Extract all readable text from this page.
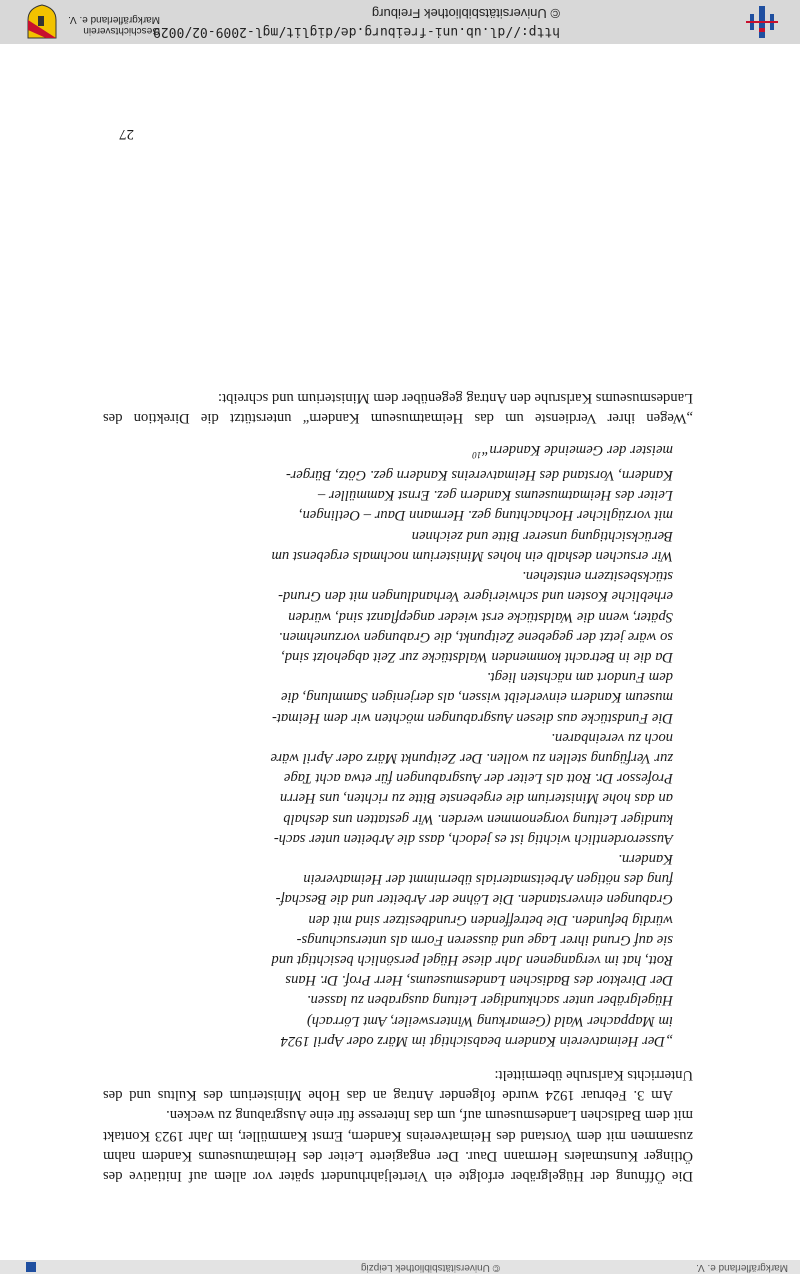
Markgräflerland e. V.
© Universitätsbibliothek Leipzig

Die Öffnung der Hügelgräber erfolgte ein Vierteljahrhundert später vor allem auf Initiative des Ötlinger Kunstmalers Hermann Daur. Der engagierte Leiter des Heimatmuseums Kandern nahm zusammen mit dem Vorstand des Heimatvereins Kandern, Ernst Kammüller, im Jahr 1923 Kontakt mit dem Badischen Landesmuseum auf, um das Interesse für eine Ausgrabung zu wecken.

Am 3. Februar 1924 wurde folgender Antrag an das Hohe Ministerium des Kultus und des Unterrichts Karlsruhe übermittelt:

„Der Heimatverein Kandern beabsichtigt im März oder April 1924
im Mappacher Wald (Gemarkung Wintersweiler, Amt Lörrach)
Hügelgräber unter sachkundiger Leitung ausgraben zu lassen.
Der Direktor des Badischen Landesmuseums, Herr Prof. Dr. Hans
Rott, hat im vergangenen Jahr diese Hügel persönlich besichtigt und
sie auf Grund ihrer Lage und äusseren Form als untersuchungs-
würdig befunden. Die betreffenden Grundbesitzer sind mit den
Grabungen einverstanden. Die Löhne der Arbeiter und die Beschaf-
fung des nötigen Arbeitsmaterials übernimmt der Heimatverein
Kandern.
Ausserordentlich wichtig ist es jedoch, dass die Arbeiten unter sach-
kundiger Leitung vorgenommen werden. Wir gestatten uns deshalb
an das hohe Ministerium die ergebenste Bitte zu richten, uns Herrn
Professor Dr. Rott als Leiter der Ausgrabungen für etwa acht Tage
zur Verfügung stellen zu wollen. Der Zeitpunkt März oder April wäre
noch zu vereinbaren.
Die Fundstücke aus diesen Ausgrabungen möchten wir dem Heimat-
museum Kandern einverleibt wissen, als derjenigen Sammlung, die
dem Fundort am nächsten liegt.
Da die in Betracht kommenden Waldstücke zur Zeit abgeholzt sind,
so wäre jetzt der gegebene Zeitpunkt, die Grabungen vorzunehmen.
Später, wenn die Waldstücke erst wieder angepflanzt sind, würden
erhebliche Kosten und schwierigere Verhandlungen mit den Grund-
stücksbesitzern entstehen.
Wir ersuchen deshalb ein hohes Ministerium nochmals ergebenst um
Berücksichtigung unserer Bitte und zeichnen
mit vorzüglicher Hochachtung gez. Hermann Daur – Oetlingen,
Leiter des Heimatmuseums Kandern gez. Ernst Kammüller –
Kandern, Vorstand des Heimatvereins Kandern gez. Götz, Bürger-
meister der Gemeinde Kandern“$^{10}$

„Wegen ihrer Verdienste um das Heimatmuseum Kandern“ unterstützt die Direktion des Landesmuseums Karlsruhe den Antrag gegenüber dem Ministerium und schreibt:

27
http://dl.ub.uni-freiburg.de/diglit/mgl-2009-02/0029
© Universitätsbibliothek Freiburg
Geschichtsverein
Markgräflerland e. V.
